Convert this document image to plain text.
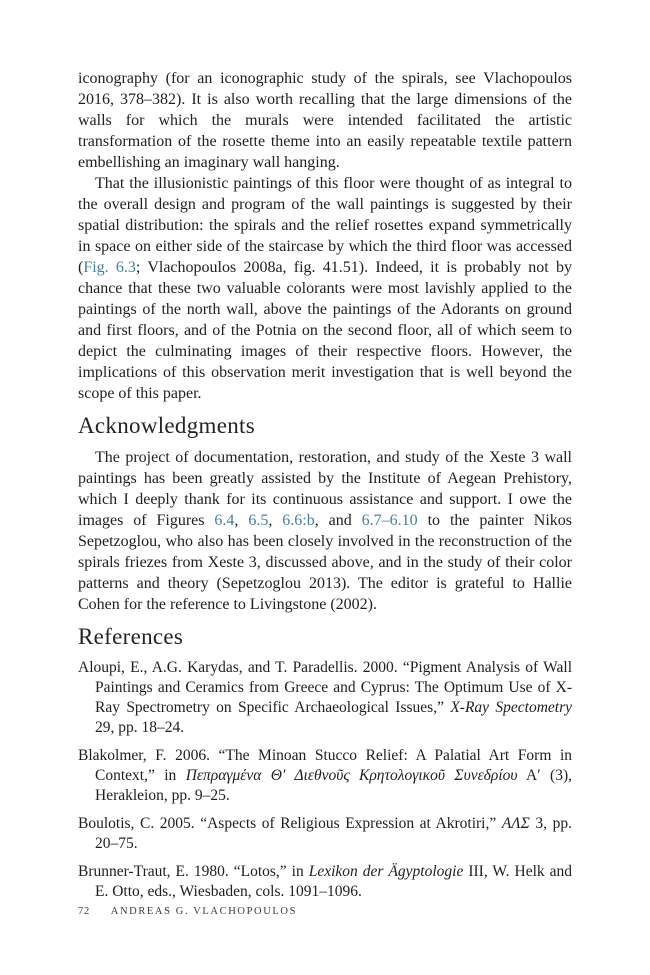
iconography (for an iconographic study of the spirals, see Vlachopoulos 2016, 378–382). It is also worth recalling that the large dimensions of the walls for which the murals were intended facilitated the artistic transformation of the rosette theme into an easily repeatable textile pattern embellishing an imaginary wall hanging.

That the illusionistic paintings of this floor were thought of as integral to the overall design and program of the wall paintings is suggested by their spatial distribution: the spirals and the relief rosettes expand symmetrically in space on either side of the staircase by which the third floor was accessed (Fig. 6.3; Vlachopoulos 2008a, fig. 41.51). Indeed, it is probably not by chance that these two valuable colorants were most lavishly applied to the paintings of the north wall, above the paintings of the Adorants on ground and first floors, and of the Potnia on the second floor, all of which seem to depict the culminating images of their respective floors. However, the implications of this observation merit investigation that is well beyond the scope of this paper.

Acknowledgments

The project of documentation, restoration, and study of the Xeste 3 wall paintings has been greatly assisted by the Institute of Aegean Prehistory, which I deeply thank for its continuous assistance and support. I owe the images of Figures 6.4, 6.5, 6.6:b, and 6.7–6.10 to the painter Nikos Sepetzoglou, who also has been closely involved in the reconstruction of the spirals friezes from Xeste 3, discussed above, and in the study of their color patterns and theory (Sepetzoglou 2013). The editor is grateful to Hallie Cohen for the reference to Livingstone (2002).

References

Aloupi, E., A.G. Karydas, and T. Paradellis. 2000. “Pigment Analysis of Wall Paintings and Ceramics from Greece and Cyprus: The Optimum Use of X-Ray Spectrometry on Specific Archaeological Issues,” X-Ray Spectometry 29, pp. 18–24.

Blakolmer, F. 2006. “The Minoan Stucco Relief: A Palatial Art Form in Context,” in Πεπραγμένα Θ′ Διεθνοῦς Κρητολογικοῦ Συνεδρίου Α′ (3), Herakleion, pp. 9–25.

Boulotis, C. 2005. “Aspects of Religious Expression at Akrotiri,” ΑΛΣ 3, pp. 20–75.

Brunner-Traut, E. 1980. “Lotos,” in Lexikon der Ägyptologie III, W. Helk and E. Otto, eds., Wiesbaden, cols. 1091–1096.

72 ANDREAS G. VLACHOPOULOS
